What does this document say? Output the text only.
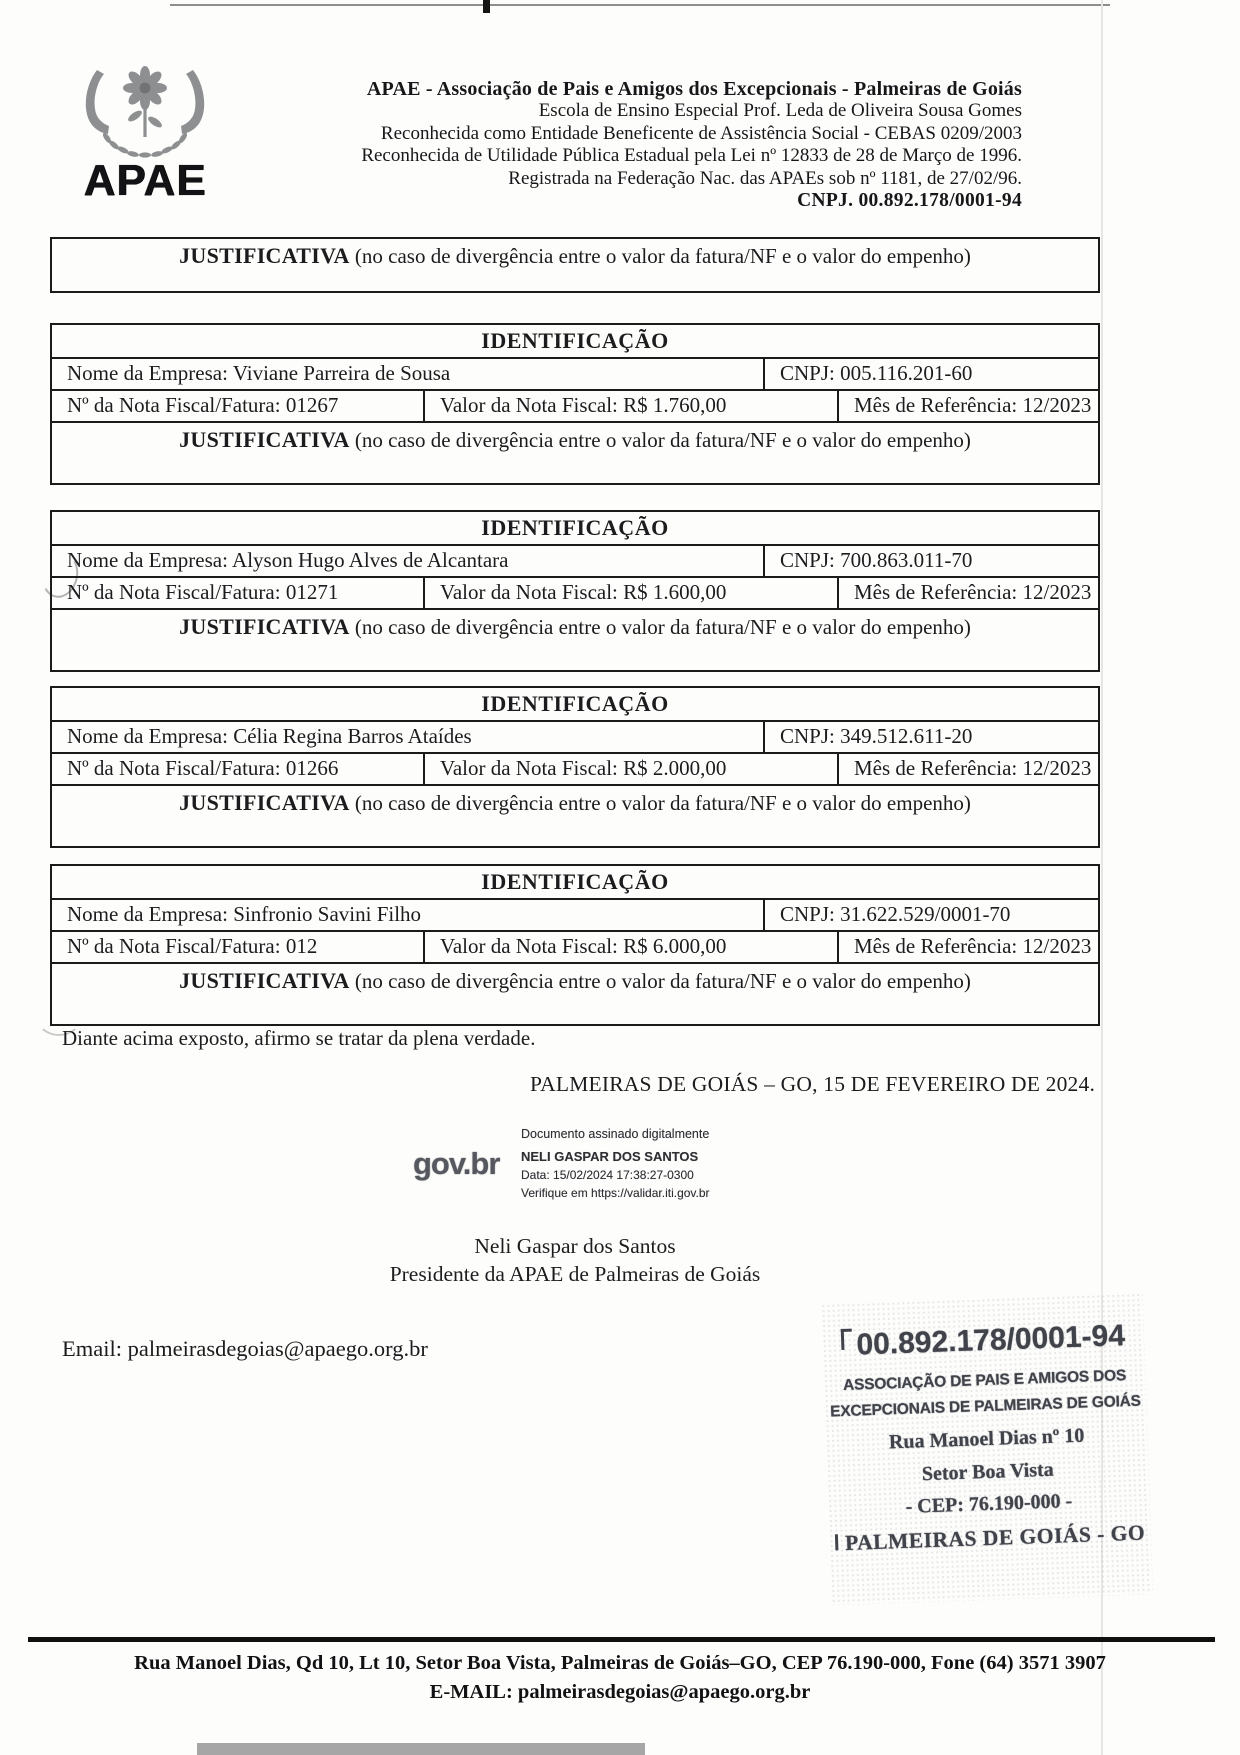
APAE
APAE - Associação de Pais e Amigos dos Excepcionais - Palmeiras de Goiás
Escola de Ensino Especial Prof. Leda de Oliveira Sousa Gomes
Reconhecida como Entidade Beneficente de Assistência Social - CEBAS 0209/2003
Reconhecida de Utilidade Pública Estadual pela Lei nº 12833 de 28 de Março de 1996.
Registrada na Federação Nac. das APAEs sob nº 1181, de 27/02/96.
CNPJ. 00.892.178/0001-94
JUSTIFICATIVA (no caso de divergência entre o valor da fatura/NF e o valor do empenho)
IDENTIFICAÇÃO
Nome da Empresa: Viviane Parreira de Sousa	CNPJ: 005.116.201-60
Nº da Nota Fiscal/Fatura: 01267	Valor da Nota Fiscal: R$ 1.760,00	Mês de Referência: 12/2023
JUSTIFICATIVA (no caso de divergência entre o valor da fatura/NF e o valor do empenho)
IDENTIFICAÇÃO
Nome da Empresa: Alyson Hugo Alves de Alcantara	CNPJ: 700.863.011-70
Nº da Nota Fiscal/Fatura: 01271	Valor da Nota Fiscal: R$ 1.600,00	Mês de Referência: 12/2023
JUSTIFICATIVA (no caso de divergência entre o valor da fatura/NF e o valor do empenho)
IDENTIFICAÇÃO
Nome da Empresa: Célia Regina Barros Ataídes	CNPJ: 349.512.611-20
Nº da Nota Fiscal/Fatura: 01266	Valor da Nota Fiscal: R$ 2.000,00	Mês de Referência: 12/2023
JUSTIFICATIVA (no caso de divergência entre o valor da fatura/NF e o valor do empenho)
IDENTIFICAÇÃO
Nome da Empresa: Sinfronio Savini Filho	CNPJ: 31.622.529/0001-70
Nº da Nota Fiscal/Fatura: 012	Valor da Nota Fiscal: R$ 6.000,00	Mês de Referência: 12/2023
JUSTIFICATIVA (no caso de divergência entre o valor da fatura/NF e o valor do empenho)
Diante acima exposto, afirmo se tratar da plena verdade.
PALMEIRAS DE GOIÁS – GO, 15 DE FEVEREIRO DE 2024.
gov.br
Documento assinado digitalmente
NELI GASPAR DOS SANTOS
Data: 15/02/2024 17:38:27-0300
Verifique em https://validar.iti.gov.br
Neli Gaspar dos Santos
Presidente da APAE de Palmeiras de Goiás
Email: palmeirasdegoias@apaego.org.br	00.892.178/0001-94
ASSOCIAÇÃO DE PAIS E AMIGOS DOS
EXCEPCIONAIS DE PALMEIRAS DE GOIÁS
Rua Manoel Dias nº 10
Setor Boa Vista
- CEP: 76.190-000 -
PALMEIRAS DE GOIÁS - GO
Rua Manoel Dias, Qd 10, Lt 10, Setor Boa Vista, Palmeiras de Goiás–GO, CEP 76.190-000, Fone (64) 3571 3907
E-MAIL: palmeirasdegoias@apaego.org.br
